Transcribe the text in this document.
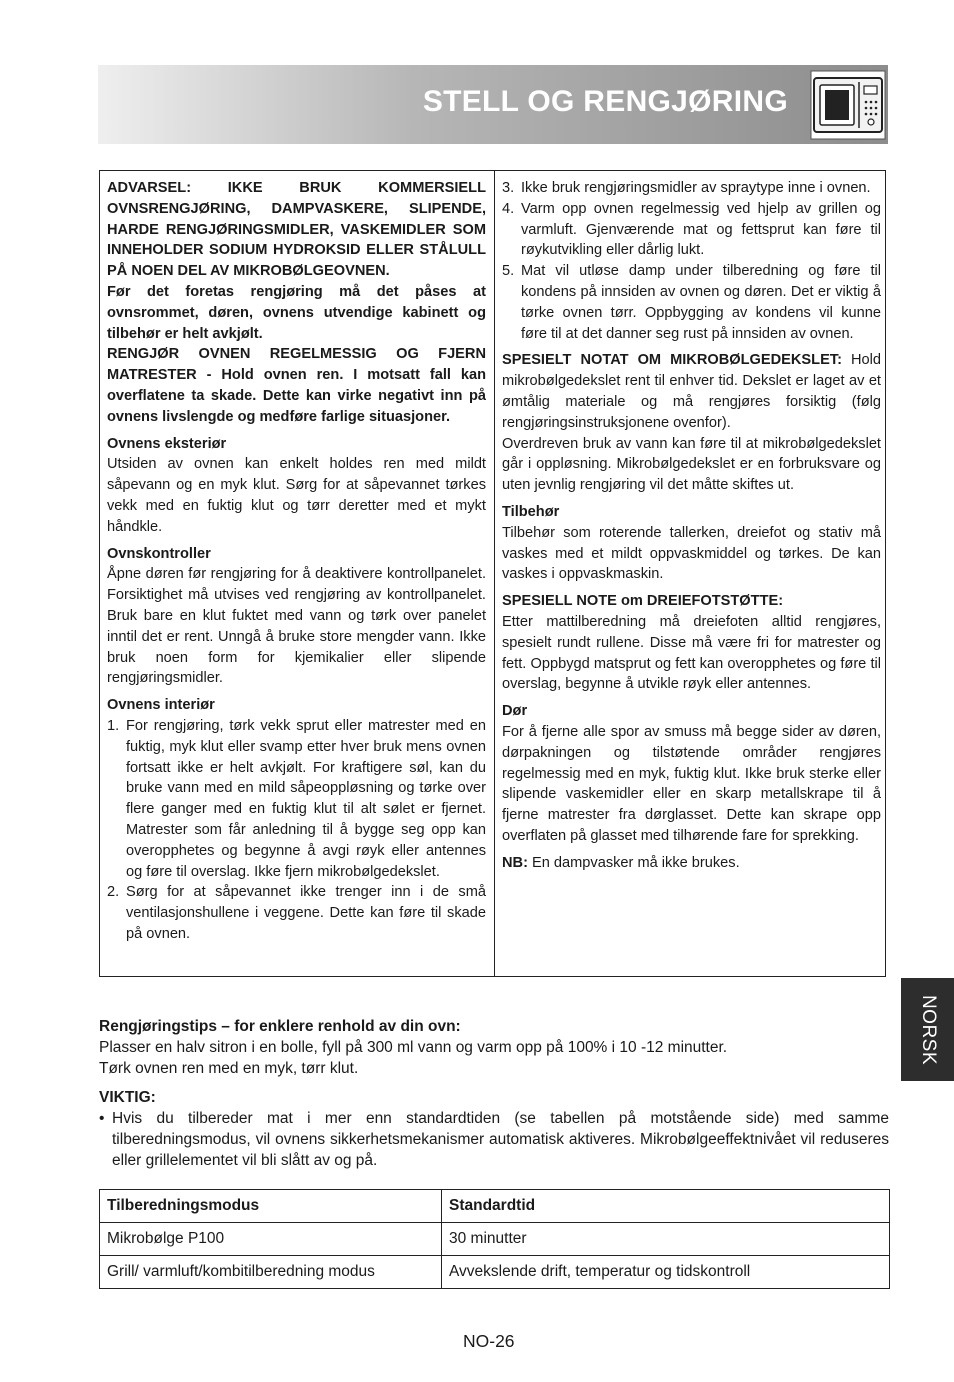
STELL OG RENGJØRING

ADVARSEL: IKKE BRUK KOMMERSIELL OVNSRENGJØRING, DAMPVASKERE, SLIPENDE, HARDE RENGJØRINGSMIDLER, VASKEMIDLER SOM INNEHOLDER SODIUM HYDROKSID ELLER STÅLULL PÅ NOEN DEL AV MIKROBØLGEOVNEN.

Før det foretas rengjøring må det påses at ovnsrommet, døren, ovnens utvendige kabinett og tilbehør er helt avkjølt.

RENGJØR OVNEN REGELMESSIG OG FJERN MATRESTER - Hold ovnen ren. I motsatt fall kan overflatene ta skade. Dette kan virke negativt inn på ovnens livslengde og medføre farlige situasjoner.

Ovnens eksteriør

Utsiden av ovnen kan enkelt holdes ren med mildt såpevann og en myk klut. Sørg for at såpevannet tørkes vekk med en fuktig klut og tørr deretter med et mykt håndkle.

Ovnskontroller

Åpne døren før rengjøring for å deaktivere kontrollpanelet. Forsiktighet må utvises ved rengjøring av kontrollpanelet. Bruk bare en klut fuktet med vann og tørk over panelet inntil det er rent. Unngå å bruke store mengder vann. Ikke bruk noen form for kjemikalier eller slipende rengjøringsmidler.

Ovnens interiør

1. For rengjøring, tørk vekk sprut eller matrester med en fuktig, myk klut eller svamp etter hver bruk mens ovnen fortsatt ikke er helt avkjølt. For kraftigere søl, kan du bruke vann med en mild såpeoppløsning og tørke over flere ganger med en fuktig klut til alt sølet er fjernet. Matrester som får anledning til å bygge seg opp kan overopphetes og begynne å avgi røyk eller antennes og føre til overslag. Ikke fjern mikrobølgedekslet.
2. Sørg for at såpevannet ikke trenger inn i de små ventilasjonshullene i veggene. Dette kan føre til skade på ovnen.
3. Ikke bruk rengjøringsmidler av spraytype inne i ovnen.
4. Varm opp ovnen regelmessig ved hjelp av grillen og varmluft. Gjenværende mat og fettsprut kan føre til røykutvikling eller dårlig lukt.
5. Mat vil utløse damp under tilberedning og føre til kondens på innsiden av ovnen og døren. Det er viktig å tørke ovnen tørr. Oppbygging av kondens vil kunne føre til at det danner seg rust på innsiden av ovnen.

SPESIELT NOTAT OM MIKROBØLGEDEKSLET: Hold mikrobølgedekslet rent til enhver tid. Dekslet er laget av et ømtålig materiale og må rengjøres forsiktig (følg rengjøringsinstruksjonene ovenfor).

Overdreven bruk av vann kan føre til at mikrobølgedekslet går i oppløsning. Mikrobølgedekslet er en forbruksvare og uten jevnlig rengjøring vil det måtte skiftes ut.

Tilbehør

Tilbehør som roterende tallerken, dreiefot og stativ må vaskes med et mildt oppvaskmiddel og tørkes. De kan vaskes i oppvaskmaskin.

SPESIELL NOTE om DREIEFOTSTØTTE:

Etter mattilberedning må dreiefoten alltid rengjøres, spesielt rundt rullene. Disse må være fri for matrester og fett. Oppbygd matsprut og fett kan overopphetes og føre til overslag, begynne å utvikle røyk eller antennes.

Dør

For å fjerne alle spor av smuss må begge sider av døren, dørpakningen og tilstøtende områder rengjøres regelmessig med en myk, fuktig klut. Ikke bruk sterke eller slipende vaskemidler eller en skarp metallskrape til å fjerne matrester fra dørglasset. Dette kan skrape opp overflaten på glasset med tilhørende fare for sprekking.

NB: En dampvasker må ikke brukes.

Rengjøringstips – for enklere renhold av din ovn:

Plasser en halv sitron i en bolle, fyll på 300 ml vann og varm opp på 100% i 10 -12 minutter.

Tørk ovnen ren med en myk, tørr klut.

VIKTIG:

• Hvis du tilbereder mat i mer enn standardtiden (se tabellen på motstående side) med samme tilberedningsmodus, vil ovnens sikkerhetsmekanismer automatisk aktiveres. Mikrobølgeeffektnivået vil reduseres eller grillelementet vil bli slått av og på.
Tilberedningsmodus	Standardtid
Mikrobølge P100	30 minutter
Grill/ varmluft/kombitilberedning modus	Avvekslende drift, temperatur og tidskontroll
NORSK
NO-26
